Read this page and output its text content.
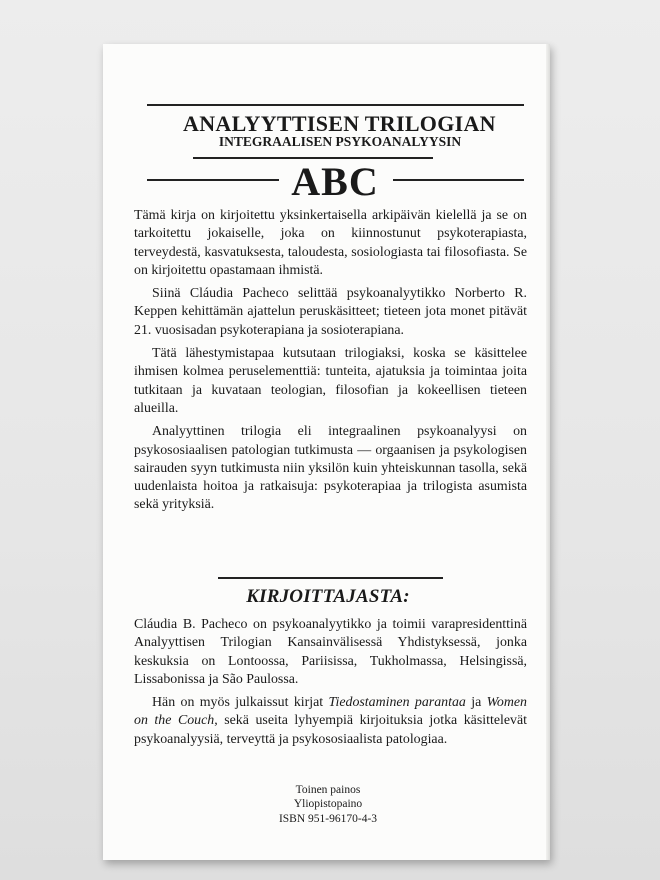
ANALYYTTISEN TRILOGIAN
INTEGRAALISEN PSYKOANALYYSIN
ABC

Tämä kirja on kirjoitettu yksinkertaisella arkipäivän kielellä ja se on tarkoitettu jokaiselle, joka on kiinnostunut psykoterapiasta, terveydestä, kasvatuksesta, taloudesta, sosiologiasta tai filosofiasta. Se on kirjoitettu opastamaan ihmistä.

Siinä Cláudia Pacheco selittää psykoanalyytikko Norberto R. Keppen kehittämän ajattelun peruskäsitteet; tieteen jota monet pitävät 21. vuosisadan psykoterapiana ja sosioterapiana.

Tätä lähestymistapaa kutsutaan trilogiaksi, koska se käsittelee ihmisen kolmea peruselementtiä: tunteita, ajatuksia ja toimintaa joita tutkitaan ja kuvataan teologian, filosofian ja kokeellisen tieteen alueilla.

Analyyttinen trilogia eli integraalinen psykoanalyysi on psykososiaalisen patologian tutkimusta — orgaanisen ja psykologisen sairauden syyn tutkimusta niin yksilön kuin yhteiskunnan tasolla, sekä uudenlaista hoitoa ja ratkaisuja: psykoterapiaa ja trilogista asumista sekä yrityksiä.

KIRJOITTAJASTA:

Cláudia B. Pacheco on psykoanalyytikko ja toimii varapresidenttinä Analyyttisen Trilogian Kansainvälisessä Yhdistyksessä, jonka keskuksia on Lontoossa, Pariisissa, Tukholmassa, Helsingissä, Lissabonissa ja São Paulossa.

Hän on myös julkaissut kirjat Tiedostaminen parantaa ja Women on the Couch, sekä useita lyhyempiä kirjoituksia jotka käsittelevät psykoanalyysiä, terveyttä ja psykososiaalista patologiaa.

Toinen painos
Yliopistopaino
ISBN 951-96170-4-3
